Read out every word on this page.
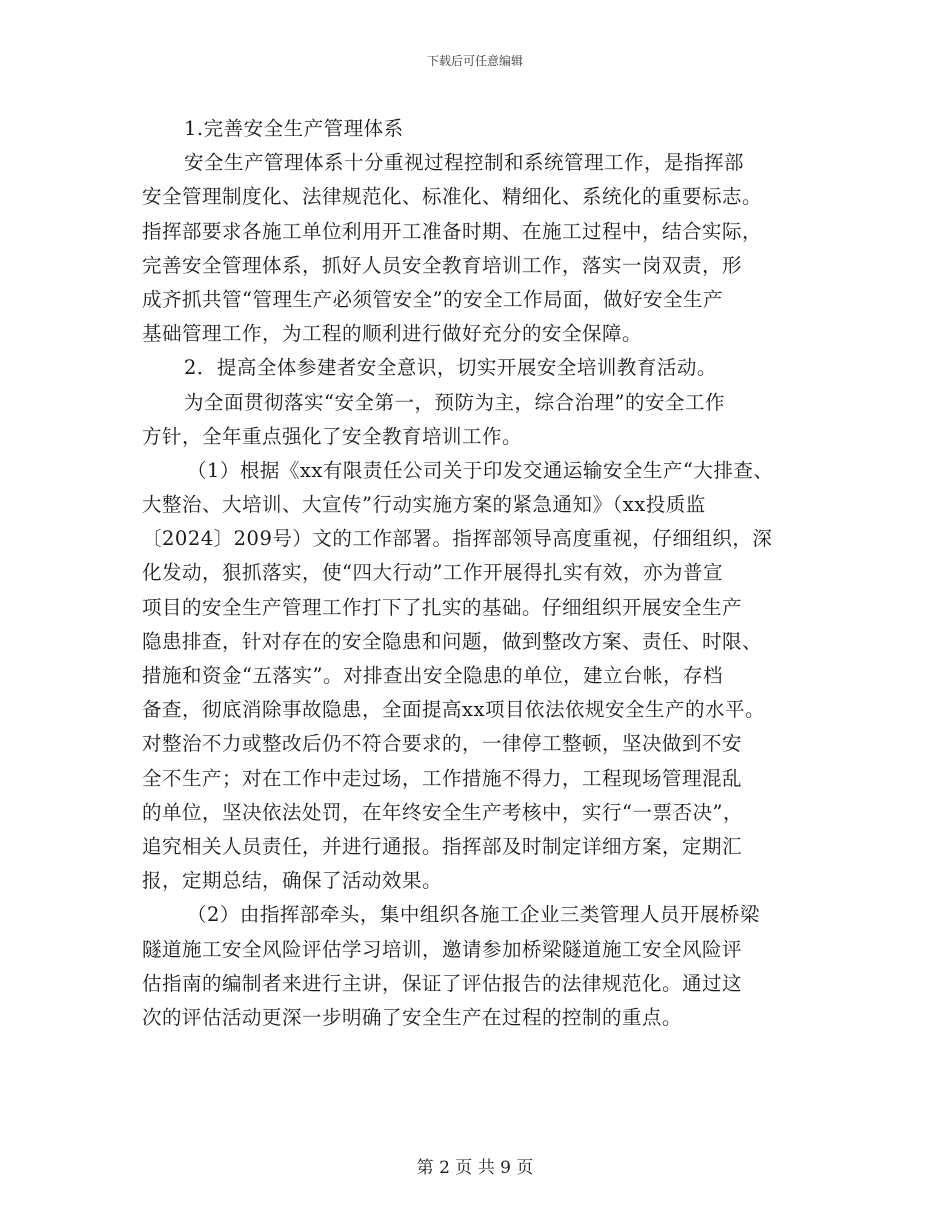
下载后可任意编辑
1.完善安全生产管理体系
安全生产管理体系十分重视过程控制和系统管理工作，是指挥部
安全管理制度化、法律规范化、标准化、精细化、系统化的重要标志。
指挥部要求各施工单位利用开工准备时期、在施工过程中，结合实际，
完善安全管理体系，抓好人员安全教育培训工作，落实一岗双责，形
成齐抓共管“管理生产必须管安全”的安全工作局面，做好安全生产
基础管理工作，为工程的顺利进行做好充分的安全保障。
2．提高全体参建者安全意识，切实开展安全培训教育活动。
为全面贯彻落实“安全第一，预防为主，综合治理”的安全工作
方针，全年重点强化了安全教育培训工作。
（1）根据《xx有限责任公司关于印发交通运输安全生产“大排查、
大整治、大培训、大宣传”行动实施方案的紧急通知》（xx投质监
〔2024〕209号）文的工作部署。指挥部领导高度重视，仔细组织，深
化发动，狠抓落实，使“四大行动”工作开展得扎实有效，亦为普宣
项目的安全生产管理工作打下了扎实的基础。仔细组织开展安全生产
隐患排查，针对存在的安全隐患和问题，做到整改方案、责任、时限、
措施和资金“五落实”。对排查出安全隐患的单位，建立台帐，存档
备查，彻底消除事故隐患，全面提高xx项目依法依规安全生产的水平。
对整治不力或整改后仍不符合要求的，一律停工整顿，坚决做到不安
全不生产；对在工作中走过场，工作措施不得力，工程现场管理混乱
的单位，坚决依法处罚，在年终安全生产考核中，实行“一票否决”，
追究相关人员责任，并进行通报。指挥部及时制定详细方案，定期汇
报，定期总结，确保了活动效果。
（2）由指挥部牵头，集中组织各施工企业三类管理人员开展桥梁
隧道施工安全风险评估学习培训，邀请参加桥梁隧道施工安全风险评
估指南的编制者来进行主讲，保证了评估报告的法律规范化。通过这
次的评估活动更深一步明确了安全生产在过程的控制的重点。
第 2 页 共 9 页
